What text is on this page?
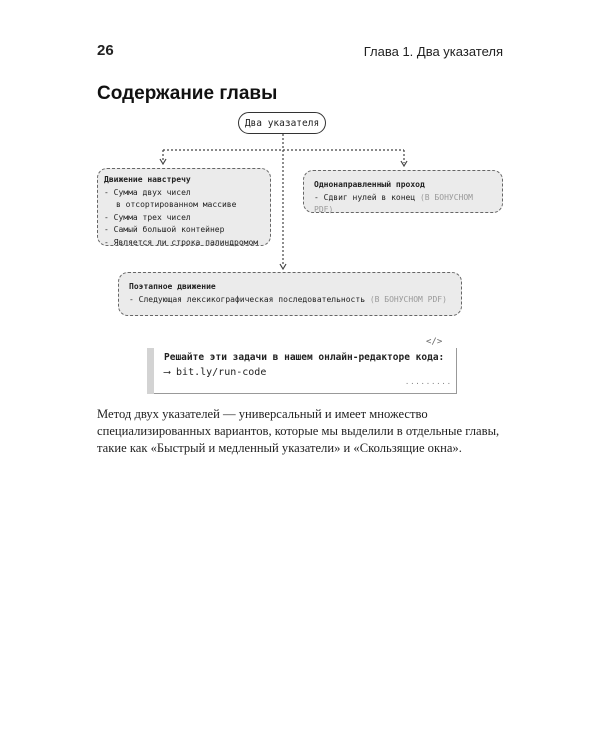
26	Глава 1. Два указателя
Содержание главы
Два указателя
Движение навстречу
- Сумма двух чисел
в отсортированном массиве
- Сумма трех чисел
- Самый большой контейнер
- Является ли строка палиндромом
Однонаправленный проход
- Сдвиг нулей в конец (В БОНУСНОМ PDF)
Поэтапное движение
- Следующая лексикографическая последовательность (В БОНУСНОМ PDF)
</>
Решайте эти задачи в нашем онлайн-редакторе кода:
⟶ bit.ly/run-code
·········
Метод двух указателей — универсальный и имеет множество специализированных вариантов, которые мы выделили в отдельные главы, такие как «Быстрый и медленный указатели» и «Скользящие окна».
